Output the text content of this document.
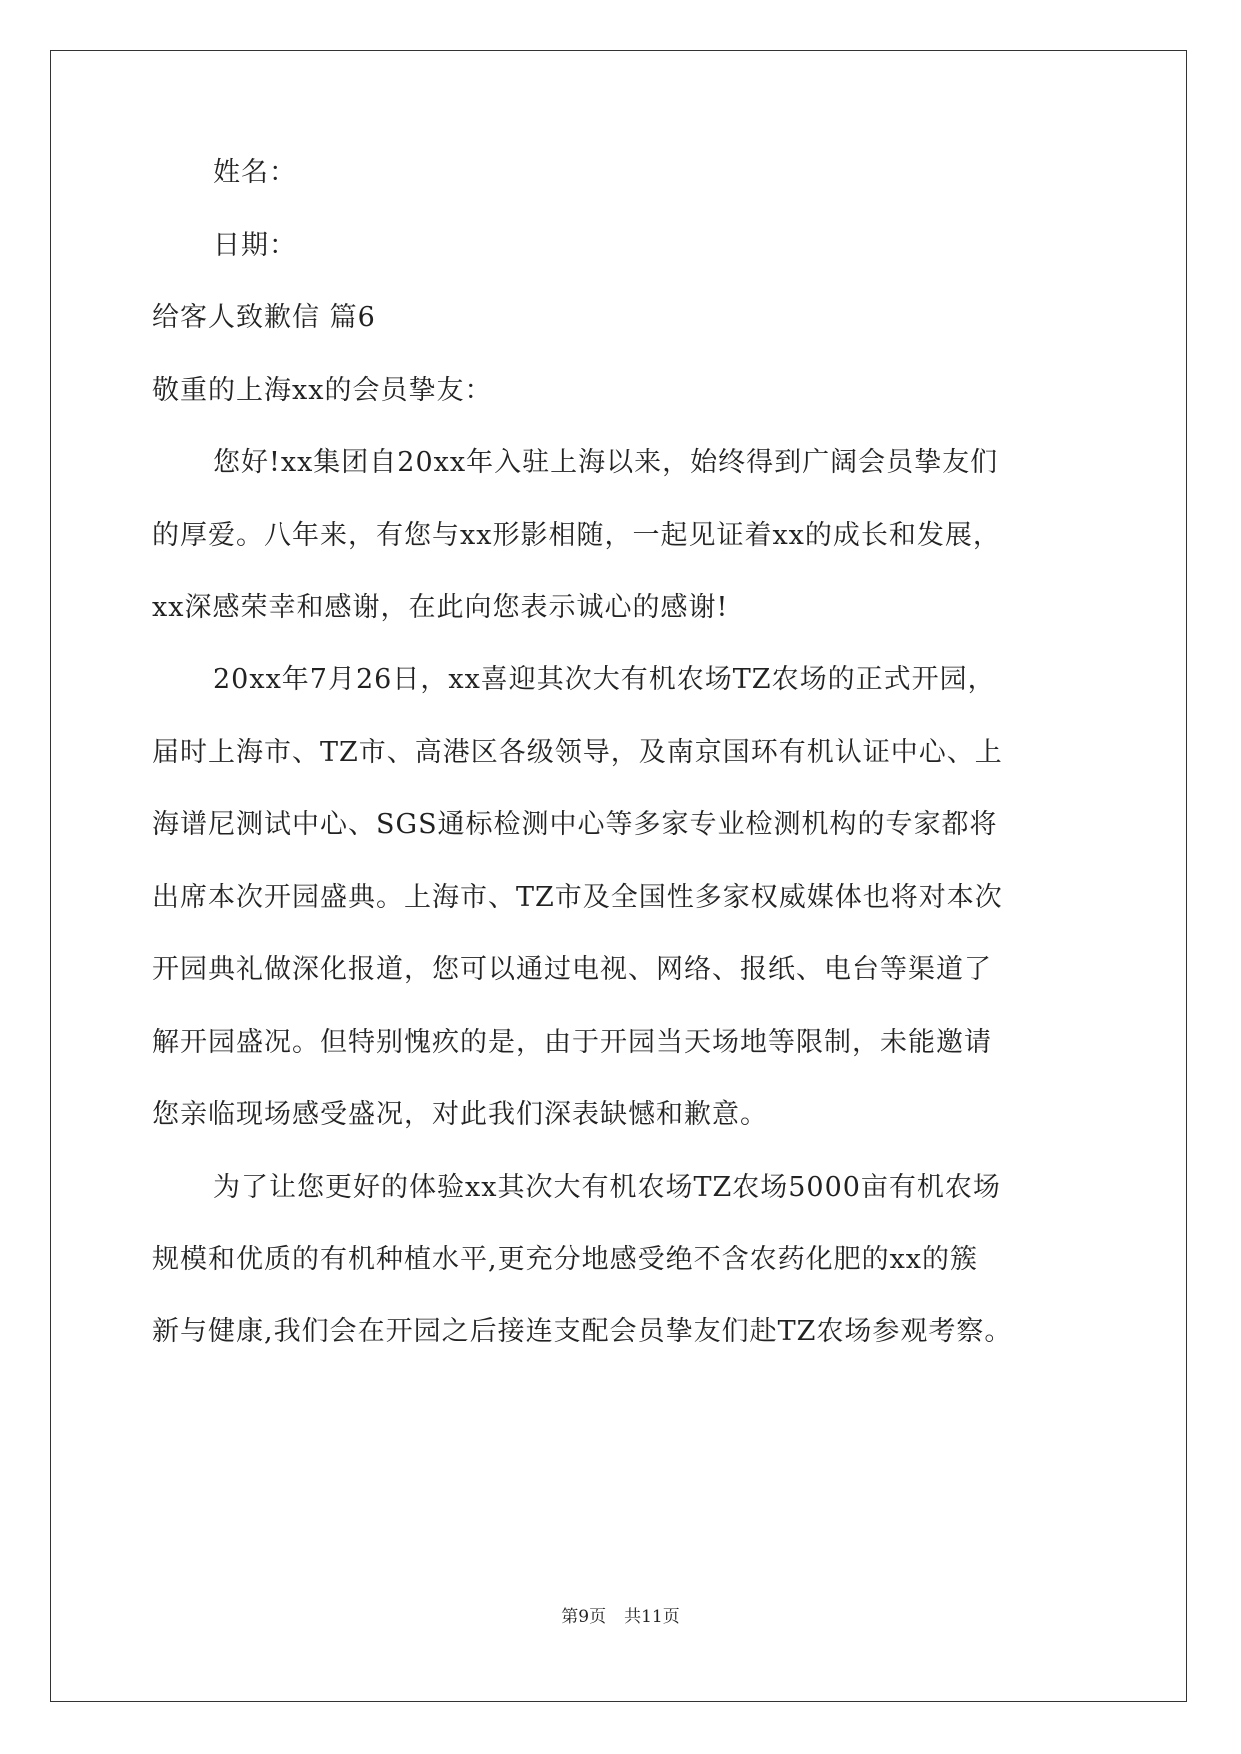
姓名：
日期：
给客人致歉信 篇6
敬重的上海xx的会员挚友：
您好!xx集团自20xx年入驻上海以来，始终得到广阔会员挚友们
的厚爱。八年来，有您与xx形影相随，一起见证着xx的成长和发展，
xx深感荣幸和感谢，在此向您表示诚心的感谢!
20xx年7月26日，xx喜迎其次大有机农场TZ农场的正式开园，
届时上海市、TZ市、高港区各级领导，及南京国环有机认证中心、上
海谱尼测试中心、SGS通标检测中心等多家专业检测机构的专家都将
出席本次开园盛典。上海市、TZ市及全国性多家权威媒体也将对本次
开园典礼做深化报道，您可以通过电视、网络、报纸、电台等渠道了
解开园盛况。但特别愧疚的是，由于开园当天场地等限制，未能邀请
您亲临现场感受盛况，对此我们深表缺憾和歉意。
为了让您更好的体验xx其次大有机农场TZ农场5000亩有机农场
规模和优质的有机种植水平,更充分地感受绝不含农药化肥的xx的簇
新与健康,我们会在开园之后接连支配会员挚友们赴TZ农场参观考察。
第9页 共11页
